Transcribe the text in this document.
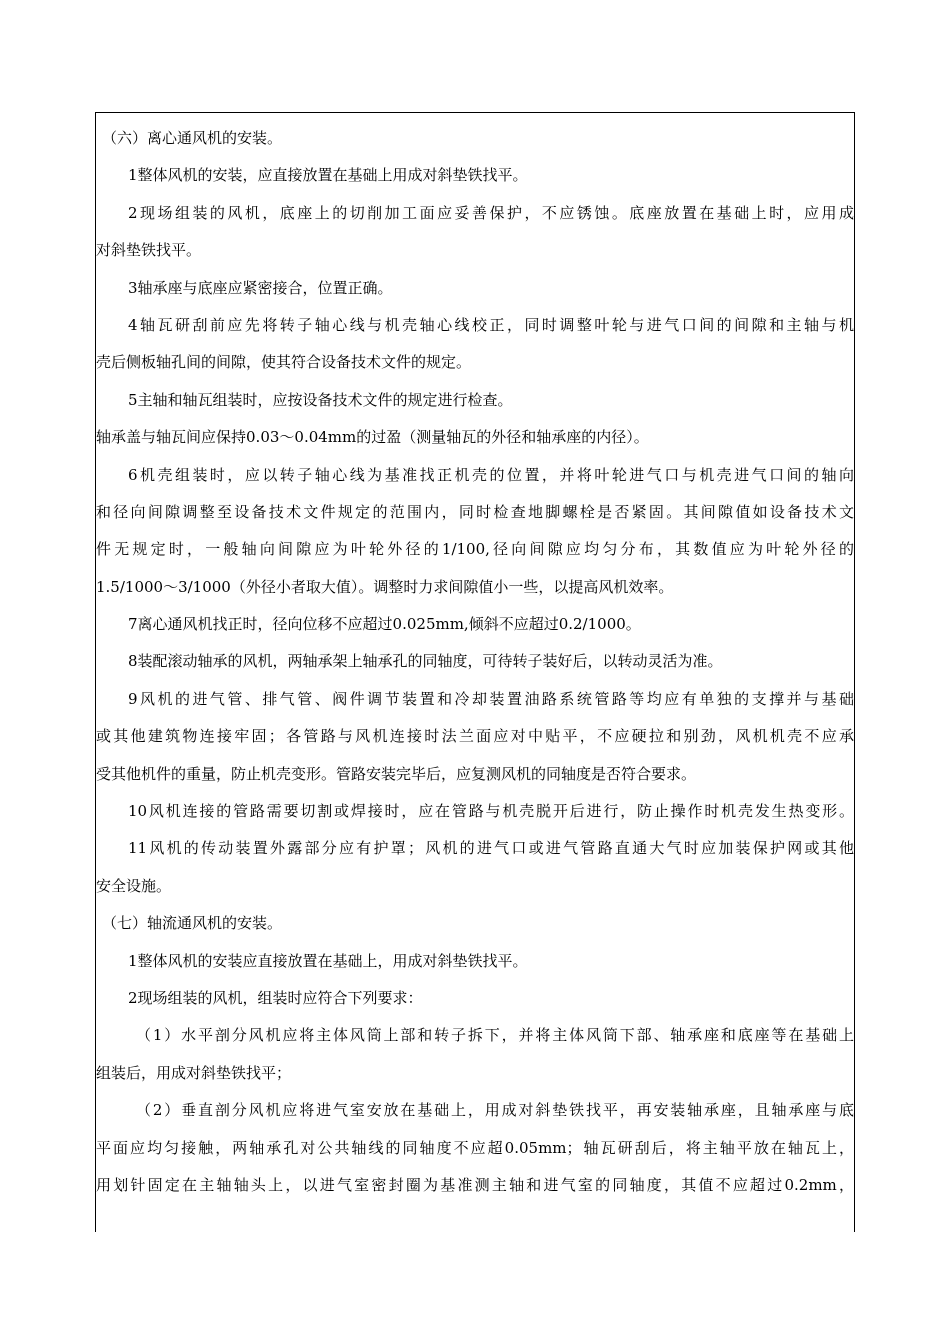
（六）离心通风机的安装。
1整体风机的安装，应直接放置在基础上用成对斜垫铁找平。
2现场组装的风机，底座上的切削加工面应妥善保护，不应锈蚀。底座放置在基础上时，应用成
对斜垫铁找平。
3轴承座与底座应紧密接合，位置正确。
4轴瓦研刮前应先将转子轴心线与机壳轴心线校正，同时调整叶轮与进气口间的间隙和主轴与机
壳后侧板轴孔间的间隙，使其符合设备技术文件的规定。
5主轴和轴瓦组装时，应按设备技术文件的规定进行检查。
轴承盖与轴瓦间应保持0.03～0.04mm的过盈（测量轴瓦的外径和轴承座的内径）。
6机壳组装时，应以转子轴心线为基准找正机壳的位置，并将叶轮进气口与机壳进气口间的轴向
和径向间隙调整至设备技术文件规定的范围内，同时检查地脚螺栓是否紧固。其间隙值如设备技术文
件无规定时，一般轴向间隙应为叶轮外径的1/100,径向间隙应均匀分布，其数值应为叶轮外径的
1.5/1000～3/1000（外径小者取大值）。调整时力求间隙值小一些，以提高风机效率。
7离心通风机找正时，径向位移不应超过0.025mm,倾斜不应超过0.2/1000。
8装配滚动轴承的风机，两轴承架上轴承孔的同轴度，可待转子装好后，以转动灵活为准。
9风机的进气管、排气管、阀件调节装置和冷却装置油路系统管路等均应有单独的支撑并与基础
或其他建筑物连接牢固；各管路与风机连接时法兰面应对中贴平，不应硬拉和别劲，风机机壳不应承
受其他机件的重量，防止机壳变形。管路安装完毕后，应复测风机的同轴度是否符合要求。
10风机连接的管路需要切割或焊接时，应在管路与机壳脱开后进行，防止操作时机壳发生热变形。
11风机的传动装置外露部分应有护罩；风机的进气口或进气管路直通大气时应加装保护网或其他
安全设施。
（七）轴流通风机的安装。
1整体风机的安装应直接放置在基础上，用成对斜垫铁找平。
2现场组装的风机，组装时应符合下列要求：
（1）水平剖分风机应将主体风筒上部和转子拆下，并将主体风筒下部、轴承座和底座等在基础上
组装后，用成对斜垫铁找平；
（2）垂直剖分风机应将进气室安放在基础上，用成对斜垫铁找平，再安装轴承座，且轴承座与底
平面应均匀接触，两轴承孔对公共轴线的同轴度不应超0.05mm；轴瓦研刮后，将主轴平放在轴瓦上，
用划针固定在主轴轴头上，以进气室密封圈为基准测主轴和进气室的同轴度，其值不应超过0.2mm，
